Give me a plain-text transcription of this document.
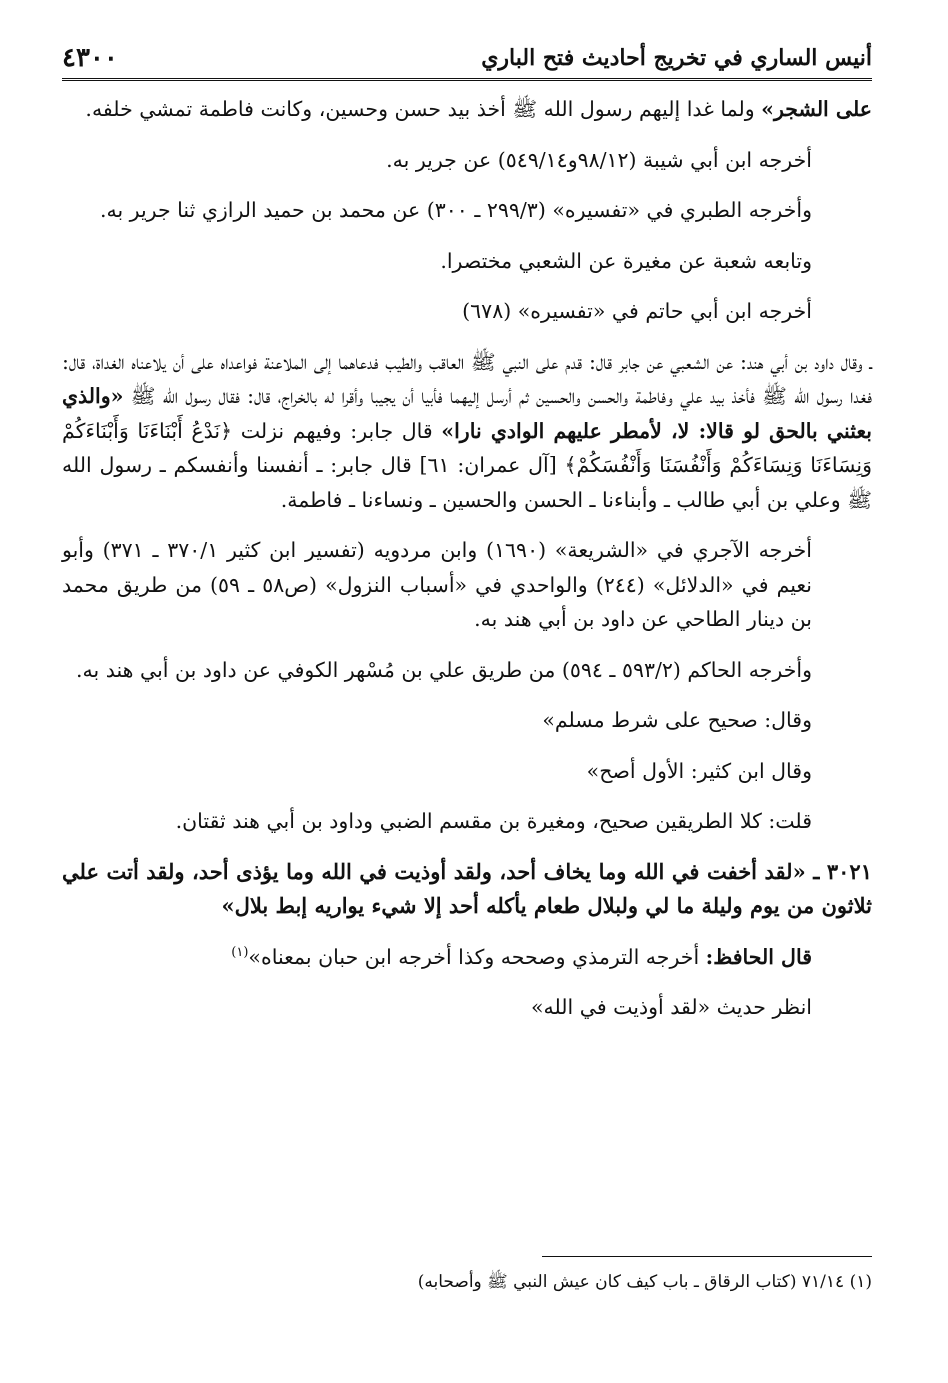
أنيس الساري في تخريج أحاديث فتح الباري
٤٣٠٠

على الشجر» ولما غدا إليهم رسول الله ﷺ أخذ بيد حسن وحسين، وكانت فاطمة تمشي خلفه.

أخرجه ابن أبي شيبة (٩٨/١٢و٥٤٩/١٤) عن جرير به.

وأخرجه الطبري في «تفسيره» (٢٩٩/٣ ـ ٣٠٠) عن محمد بن حميد الرازي ثنا جرير به.

وتابعه شعبة عن مغيرة عن الشعبي مختصرا.

أخرجه ابن أبي حاتم في «تفسيره» (٦٧٨)

ـ وقال داود بن أبي هند: عن الشعبي عن جابر قال: قدم على النبي ﷺ العاقب والطيب فدعاهما إلى الملاعنة فواعداه على أن يلاعناه الغداة، قال: فغدا رسول الله ﷺ فأخذ بيد علي وفاطمة والحسن والحسين ثم أرسل إليهما فأبيا أن يجيبا وأقرا له بالخراج، قال: فقال رسول الله ﷺ «والذي بعثني بالحق لو قالا: لا، لأمطر عليهم الوادي نارا» قال جابر: وفيهم نزلت ﴿نَدْعُ أَبْنَاءَنَا وَأَبْنَاءَكُمْ وَنِسَاءَنَا وَنِسَاءَكُمْ وَأَنْفُسَنَا وَأَنْفُسَكُمْ﴾ [آل عمران: ٦١] قال جابر: ـ أنفسنا وأنفسكم ـ رسول الله ﷺ وعلي بن أبي طالب ـ وأبناءنا ـ الحسن والحسين ـ ونساءنا ـ فاطمة.

أخرجه الآجري في «الشريعة» (١٦٩٠) وابن مردويه (تفسير ابن كثير ٣٧٠/١ ـ ٣٧١) وأبو نعيم في «الدلائل» (٢٤٤) والواحدي في «أسباب النزول» (ص٥٨ ـ ٥٩) من طريق محمد بن دينار الطاحي عن داود بن أبي هند به.

وأخرجه الحاكم (٥٩٣/٢ ـ ٥٩٤) من طريق علي بن مُسْهر الكوفي عن داود بن أبي هند به.

وقال: صحيح على شرط مسلم»

وقال ابن كثير: الأول أصح»

قلت: كلا الطريقين صحيح، ومغيرة بن مقسم الضبي وداود بن أبي هند ثقتان.

٣٠٢١ ـ «لقد أخفت في الله وما يخاف أحد، ولقد أوذيت في الله وما يؤذى أحد، ولقد أتت علي ثلاثون من يوم وليلة ما لي ولبلال طعام يأكله أحد إلا شيء يواريه إبط بلال»

قال الحافظ: أخرجه الترمذي وصححه وكذا أخرجه ابن حبان بمعناه»$^{(١)}$

انظر حديث «لقد أوذيت في الله»

(١) ٧١/١٤ (كتاب الرقاق ـ باب كيف كان عيش النبي ﷺ وأصحابه)
